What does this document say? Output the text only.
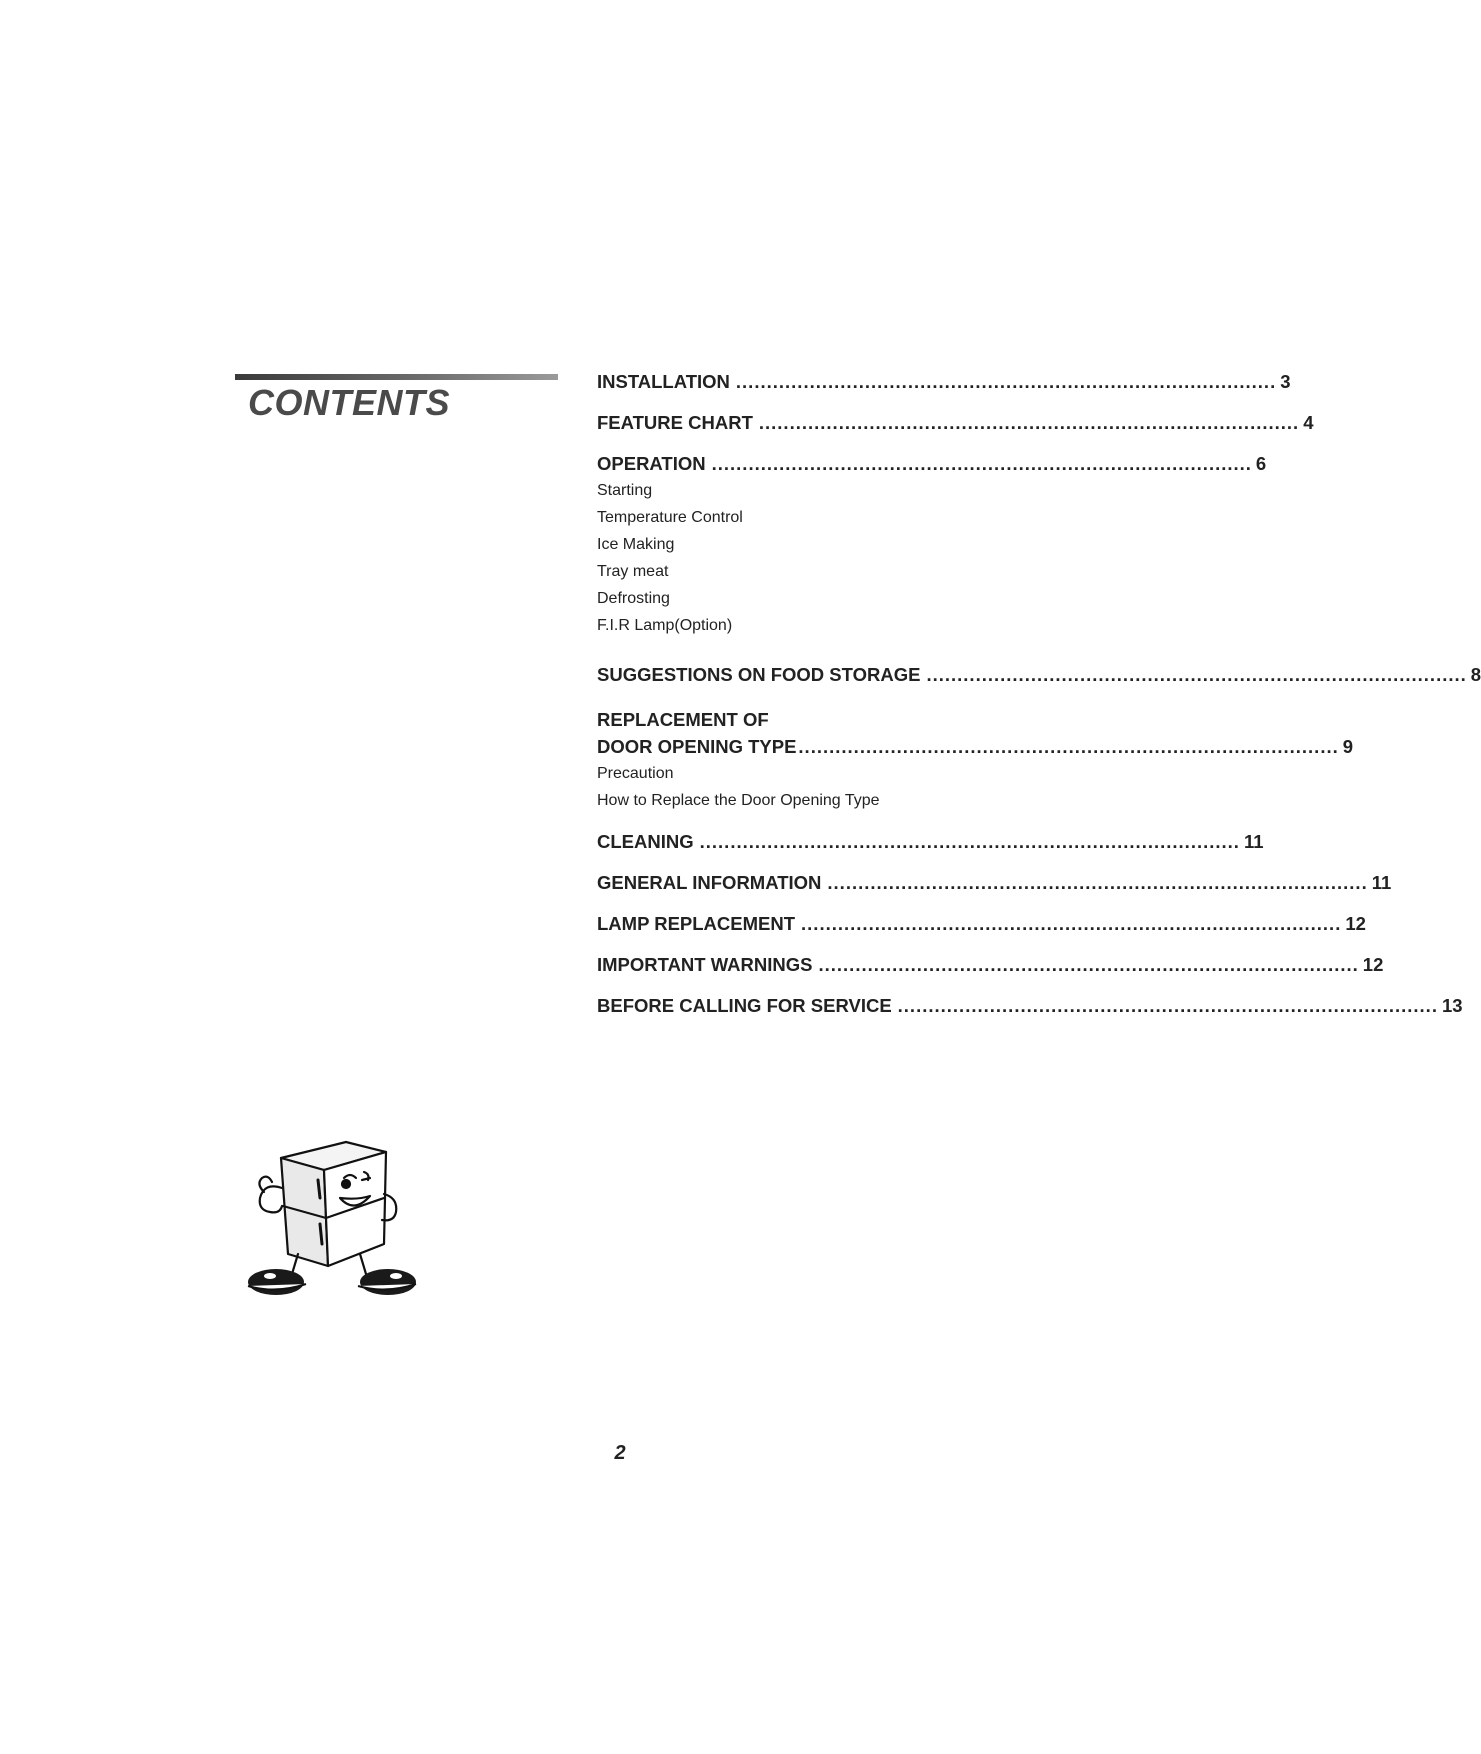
CONTENTS
INSTALLATION ........................................................................................ 3
FEATURE CHART ........................................................................................ 4
OPERATION ........................................................................................ 6
Starting
Temperature Control
Ice Making
Tray meat
Defrosting
F.I.R Lamp(Option)
SUGGESTIONS ON FOOD STORAGE ........................................................................................ 8
REPLACEMENT OF
DOOR OPENING TYPE ........................................................................................ 9
Precaution
How to Replace the Door Opening Type
CLEANING ........................................................................................ 11
GENERAL INFORMATION ........................................................................................ 11
LAMP REPLACEMENT ........................................................................................ 12
IMPORTANT WARNINGS ........................................................................................ 12
BEFORE CALLING FOR SERVICE ........................................................................................ 13
2
